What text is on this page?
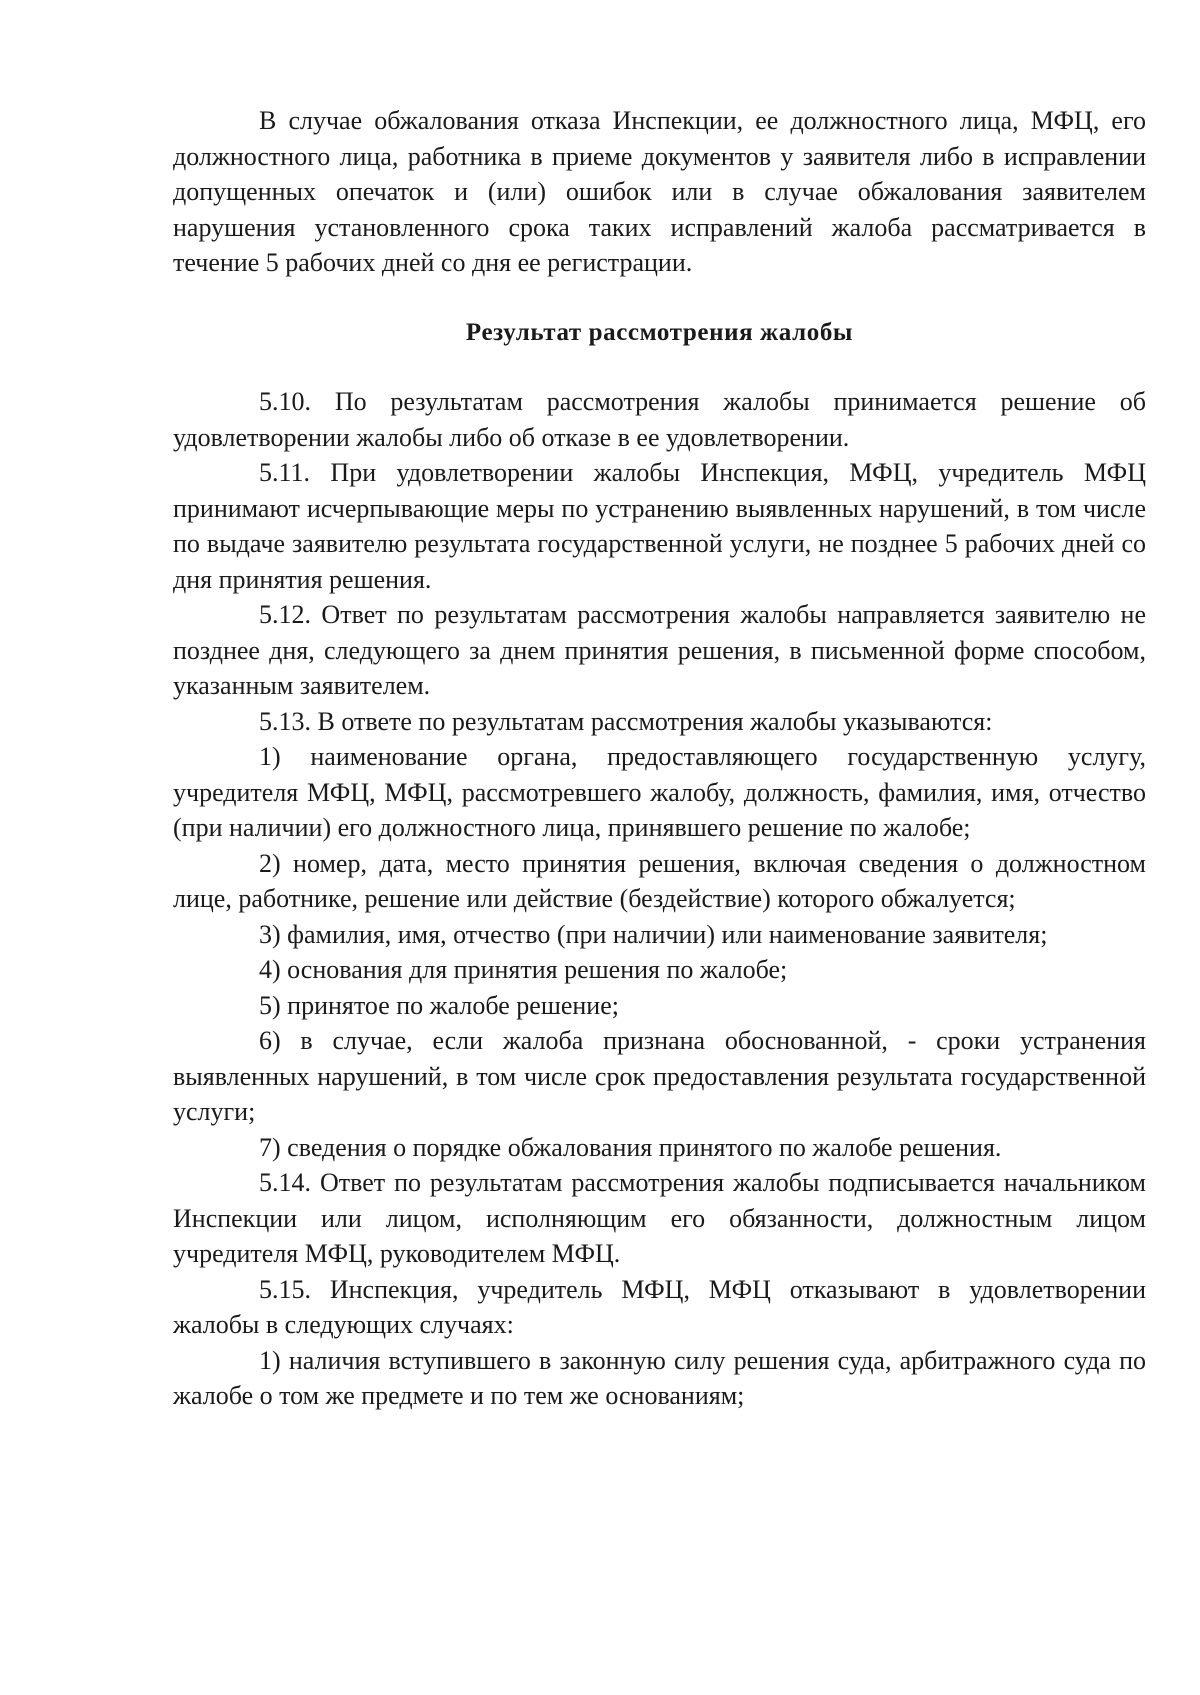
В случае обжалования отказа Инспекции, ее должностного лица, МФЦ, его должностного лица, работника в приеме документов у заявителя либо в исправлении допущенных опечаток и (или) ошибок или в случае обжалования заявителем нарушения установленного срока таких исправлений жалоба рассматривается в течение 5 рабочих дней со дня ее регистрации.

Результат рассмотрения жалобы

5.10. По результатам рассмотрения жалобы принимается решение об удовлетворении жалобы либо об отказе в ее удовлетворении.

5.11. При удовлетворении жалобы Инспекция, МФЦ, учредитель МФЦ принимают исчерпывающие меры по устранению выявленных нарушений, в том числе по выдаче заявителю результата государственной услуги, не позднее 5 рабочих дней со дня принятия решения.

5.12. Ответ по результатам рассмотрения жалобы направляется заявителю не позднее дня, следующего за днем принятия решения, в письменной форме способом, указанным заявителем.

5.13. В ответе по результатам рассмотрения жалобы указываются:

1) наименование органа, предоставляющего государственную услугу, учредителя МФЦ, МФЦ, рассмотревшего жалобу, должность, фамилия, имя, отчество (при наличии) его должностного лица, принявшего решение по жалобе;

2) номер, дата, место принятия решения, включая сведения о должностном лице, работнике, решение или действие (бездействие) которого обжалуется;

3) фамилия, имя, отчество (при наличии) или наименование заявителя;

4) основания для принятия решения по жалобе;

5) принятое по жалобе решение;

6) в случае, если жалоба признана обоснованной, - сроки устранения выявленных нарушений, в том числе срок предоставления результата государственной услуги;

7) сведения о порядке обжалования принятого по жалобе решения.

5.14. Ответ по результатам рассмотрения жалобы подписывается начальником Инспекции или лицом, исполняющим его обязанности, должностным лицом учредителя МФЦ, руководителем МФЦ.

5.15. Инспекция, учредитель МФЦ, МФЦ отказывают в удовлетворении жалобы в следующих случаях:

1) наличия вступившего в законную силу решения суда, арбитражного суда по жалобе о том же предмете и по тем же основаниям;
